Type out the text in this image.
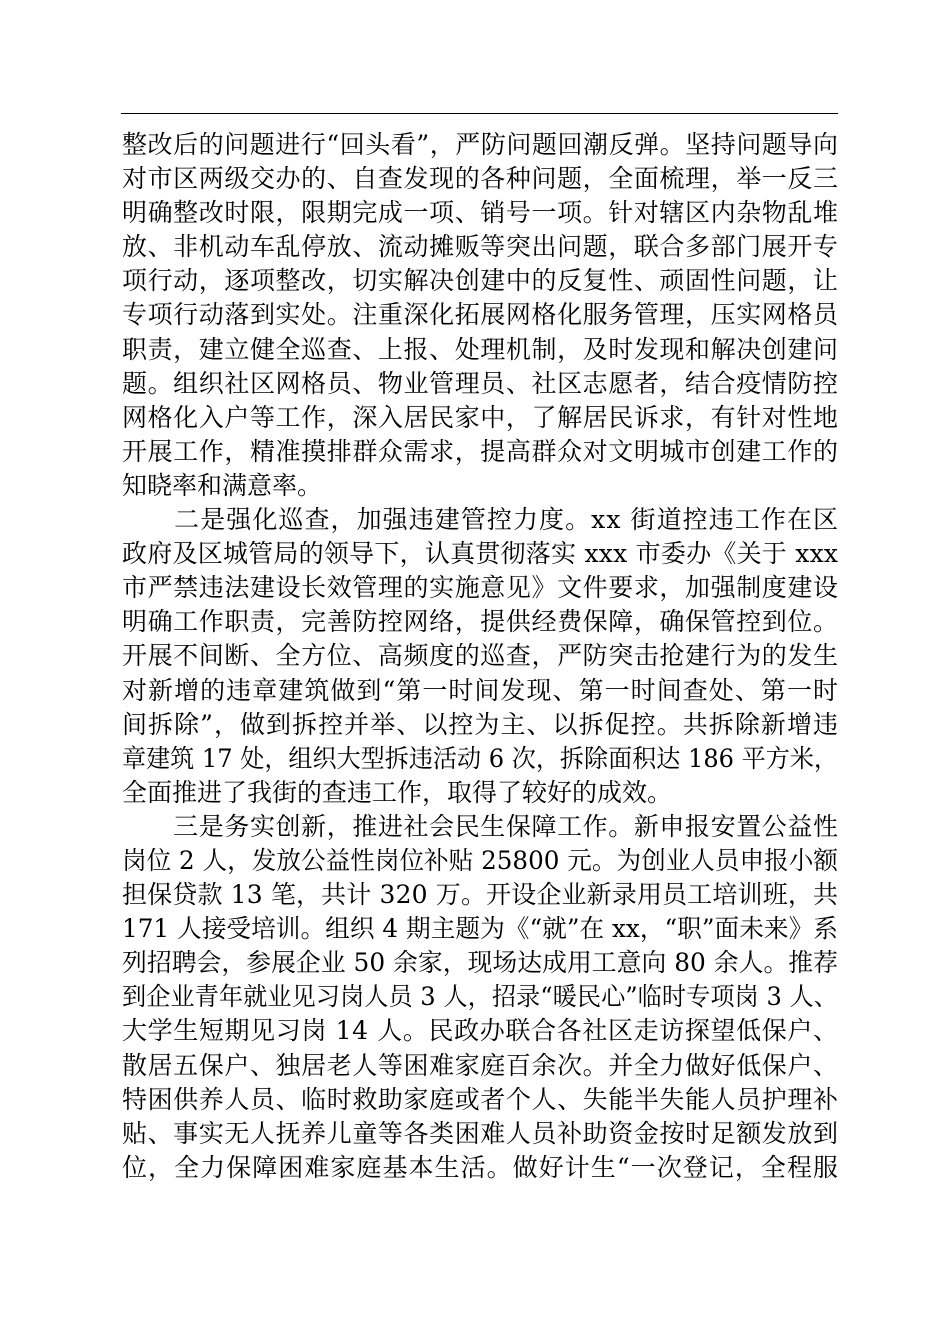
整改后的问题进行“回头看”，严防问题回潮反弹。坚持问题导向
对市区两级交办的、自查发现的各种问题，全面梳理，举一反三
明确整改时限，限期完成一项、销号一项。针对辖区内杂物乱堆
放、非机动车乱停放、流动摊贩等突出问题，联合多部门展开专
项行动，逐项整改，切实解决创建中的反复性、顽固性问题，让
专项行动落到实处。注重深化拓展网格化服务管理，压实网格员
职责，建立健全巡查、上报、处理机制，及时发现和解决创建问
题。组织社区网格员、物业管理员、社区志愿者，结合疫情防控
网格化入户等工作，深入居民家中，了解居民诉求，有针对性地
开展工作，精准摸排群众需求，提高群众对文明城市创建工作的
知晓率和满意率。
　　二是强化巡查，加强违建管控力度。xx 街道控违工作在区
政府及区城管局的领导下，认真贯彻落实 xxx 市委办《关于 xxx
市严禁违法建设长效管理的实施意见》文件要求，加强制度建设
明确工作职责，完善防控网络，提供经费保障，确保管控到位。
开展不间断、全方位、高频度的巡查，严防突击抢建行为的发生
对新增的违章建筑做到“第一时间发现、第一时间查处、第一时
间拆除”，做到拆控并举、以控为主、以拆促控。共拆除新增违
章建筑 17 处，组织大型拆违活动 6 次，拆除面积达 186 平方米，
全面推进了我街的查违工作，取得了较好的成效。
　　三是务实创新，推进社会民生保障工作。新申报安置公益性
岗位 2 人，发放公益性岗位补贴 25800 元。为创业人员申报小额
担保贷款 13 笔，共计 320 万。开设企业新录用员工培训班，共
171 人接受培训。组织 4 期主题为《“就”在 xx，“职”面未来》系
列招聘会，参展企业 50 余家，现场达成用工意向 80 余人。推荐
到企业青年就业见习岗人员 3 人，招录“暖民心”临时专项岗 3 人、
大学生短期见习岗 14 人。民政办联合各社区走访探望低保户、
散居五保户、独居老人等困难家庭百余次。并全力做好低保户、
特困供养人员、临时救助家庭或者个人、失能半失能人员护理补
贴、事实无人抚养儿童等各类困难人员补助资金按时足额发放到
位，全力保障困难家庭基本生活。做好计生“一次登记，全程服
